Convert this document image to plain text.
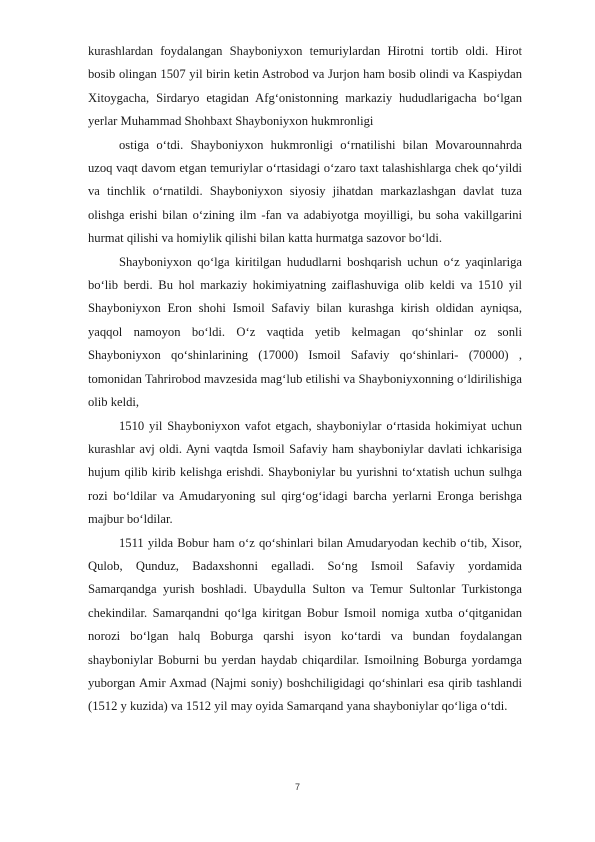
kurashlardan foydalangan Shayboniyxon temuriylardan Hirotni tortib oldi. Hirot bosib olingan 1507 yil birin ketin Astrobod va Jurjon ham bosib olindi va Kaspiydan Xitoygacha, Sirdaryo etagidan Afg‘onistonning markaziy hududlarigacha bo‘lgan yerlar Muhammad Shohbaxt Shayboniyxon hukmronligi

ostiga o‘tdi. Shayboniyxon hukmronligi o‘rnatilishi bilan Movarounnahrda uzoq vaqt davom etgan temuriylar o‘rtasidagi o‘zaro taxt talashishlarga chek qo‘yildi va tinchlik o‘rnatildi. Shayboniyxon siyosiy jihatdan markazlashgan davlat tuza olishga erishi bilan o‘zining ilm -fan va adabiyotga moyilligi, bu soha vakillgarini hurmat qilishi va homiylik qilishi bilan katta hurmatga sazovor bo‘ldi.

Shayboniyxon qo‘lga kiritilgan hududlarni boshqarish uchun o‘z yaqinlariga bo‘lib berdi. Bu hol markaziy hokimiyatning zaiflashuviga olib keldi va 1510 yil Shayboniyxon Eron shohi Ismoil Safaviy bilan kurashga kirish oldidan ayniqsa, yaqqol namoyon bo‘ldi. O‘z vaqtida yetib kelmagan qo‘shinlar oz sonli Shayboniyxon qo‘shinlarining (17000) Ismoil Safaviy qo‘shinlari- (70000) , tomonidan Tahrirobod mavzesida mag‘lub etilishi va Shayboniyxonning o‘ldirilishiga olib keldi,

1510 yil Shayboniyxon vafot etgach, shayboniylar o‘rtasida hokimiyat uchun kurashlar avj oldi. Ayni vaqtda Ismoil Safaviy ham shayboniylar davlati ichkarisiga hujum qilib kirib kelishga erishdi. Shayboniylar bu yurishni to‘xtatish uchun sulhga rozi bo‘ldilar va Amudaryoning sul qirg‘og‘idagi barcha yerlarni Eronga berishga majbur bo‘ldilar.

1511 yilda Bobur ham o‘z qo‘shinlari bilan Amudaryodan kechib o‘tib, Xisor, Qulob, Qunduz, Badaxshonni egalladi. So‘ng Ismoil Safaviy yordamida Samarqandga yurish boshladi. Ubaydulla Sulton va Temur Sultonlar Turkistonga chekindilar. Samarqandni qo‘lga kiritgan Bobur Ismoil nomiga xutba o‘qitganidan norozi bo‘lgan halq Boburga qarshi isyon ko‘tardi va bundan foydalangan shayboniylar Boburni bu yerdan haydab chiqardilar. Ismoilning Boburga yordamga yuborgan Amir Axmad (Najmi soniy) boshchiligidagi qo‘shinlari esa qirib tashlandi (1512 y kuzida) va 1512 yil may oyida Samarqand yana shayboniylar qo‘liga o‘tdi.

7
